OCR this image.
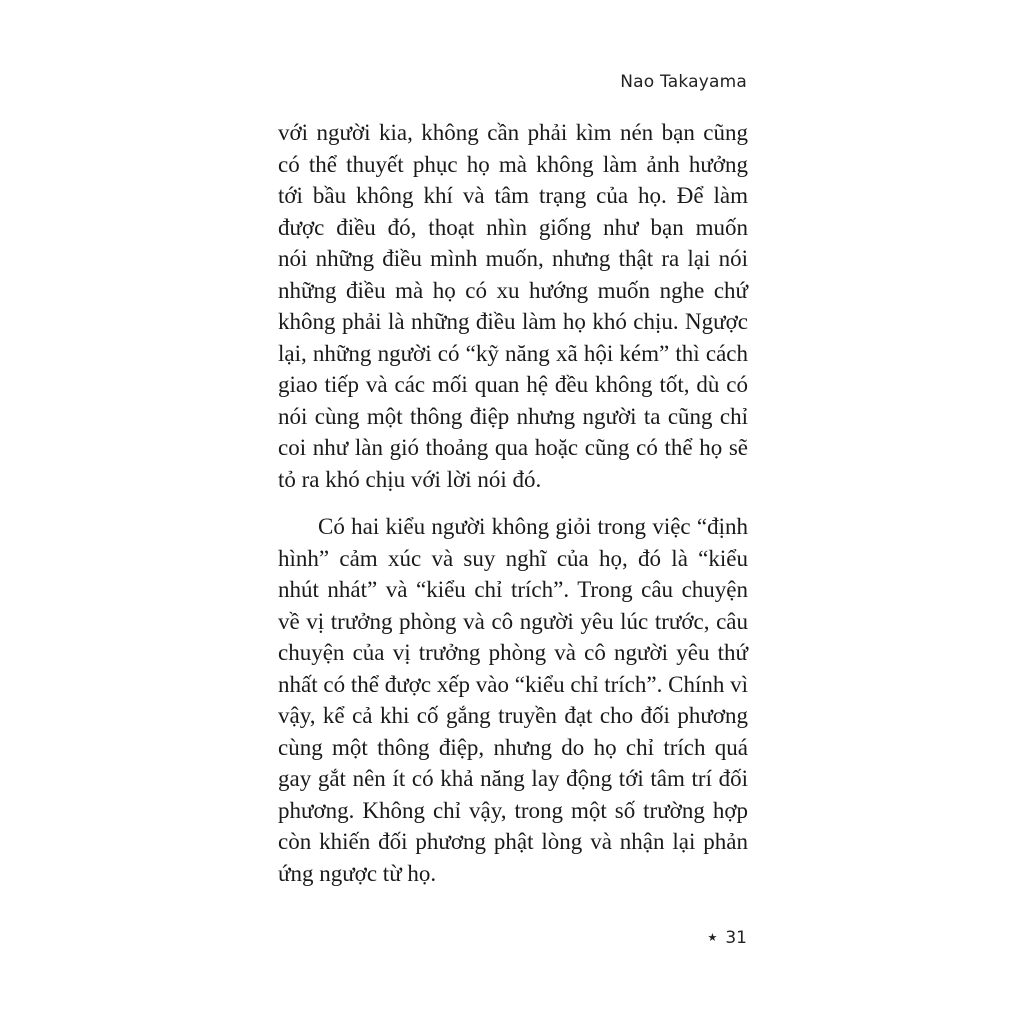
Nao Takayama
với người kia, không cần phải kìm nén bạn cũng
có thể thuyết phục họ mà không làm ảnh hưởng
tới bầu không khí và tâm trạng của họ. Để làm
được điều đó, thoạt nhìn giống như bạn muốn
nói những điều mình muốn, nhưng thật ra lại nói
những điều mà họ có xu hướng muốn nghe chứ
không phải là những điều làm họ khó chịu. Ngược
lại, những người có “kỹ năng xã hội kém” thì cách
giao tiếp và các mối quan hệ đều không tốt, dù có
nói cùng một thông điệp nhưng người ta cũng chỉ
coi như làn gió thoảng qua hoặc cũng có thể họ sẽ
tỏ ra khó chịu với lời nói đó.
Có hai kiểu người không giỏi trong việc “định
hình” cảm xúc và suy nghĩ của họ, đó là “kiểu
nhút nhát” và “kiểu chỉ trích”. Trong câu chuyện
về vị trưởng phòng và cô người yêu lúc trước, câu
chuyện của vị trưởng phòng và cô người yêu thứ
nhất có thể được xếp vào “kiểu chỉ trích”. Chính vì
vậy, kể cả khi cố gắng truyền đạt cho đối phương
cùng một thông điệp, nhưng do họ chỉ trích quá
gay gắt nên ít có khả năng lay động tới tâm trí đối
phương. Không chỉ vậy, trong một số trường hợp
còn khiến đối phương phật lòng và nhận lại phản
ứng ngược từ họ.
★ 31
